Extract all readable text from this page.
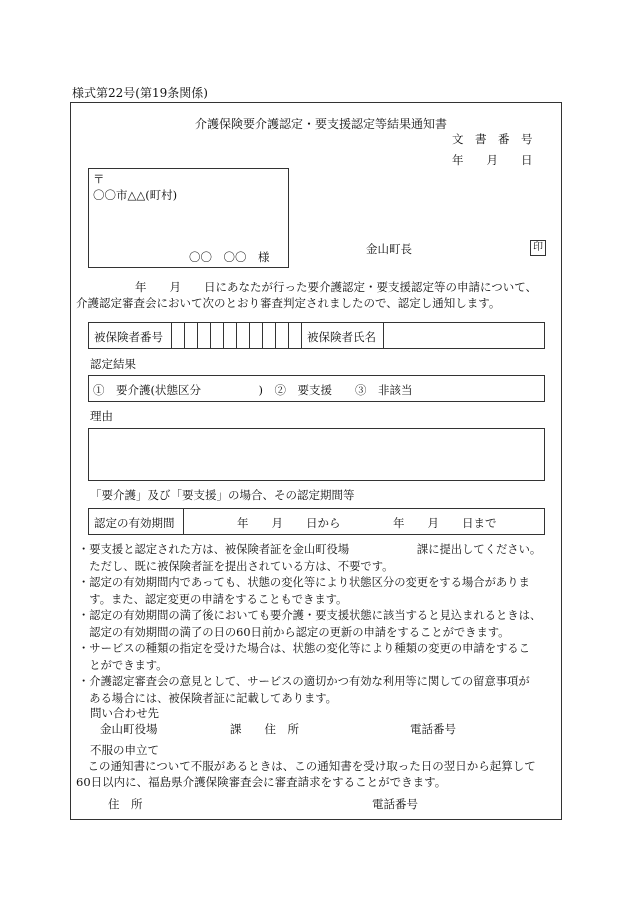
様式第22号(第19条関係)
介護保険要介護認定・要支援認定等結果通知書
文　書　番　号
年　　月　　日
〒
〇〇市△△(町村)
〇〇　〇〇　様
金山町長	印
年　　月　　日にあなたが行った要介護認定・要支援認定等の申請について、
介護認定審査会において次のとおり審査判定されましたので、認定し通知します。
被保険者番号	被保険者氏名
認定結果
①　要介護(状態区分　　　　　)　②　要支援　　③　非該当
理由
「要介護」及び「要支援」の場合、その認定期間等
認定の有効期間	年　　月　　日から	年　　月　　日まで
・要支援と認定された方は、被保険者証を金山町役場　　　　　　課に提出してください。
　ただし、既に被保険者証を提出されている方は、不要です。
・認定の有効期間内であっても、状態の変化等により状態区分の変更をする場合がありま
　す。また、認定変更の申請をすることもできます。
・認定の有効期間の満了後においても要介護・要支援状態に該当すると見込まれるときは、
　認定の有効期間の満了の日の60日前から認定の更新の申請をすることができます。
・サービスの種類の指定を受けた場合は、状態の変化等により種類の変更の申請をするこ
　とができます。
・介護認定審査会の意見として、サービスの適切かつ有効な利用等に関しての留意事項が
　ある場合には、被保険者証に記載してあります。
問い合わせ先
金山町役場	課　　住　所	電話番号
不服の申立て
　この通知書について不服があるときは、この通知書を受け取った日の翌日から起算して
60日以内に、福島県介護保険審査会に審査請求をすることができます。
住　所	電話番号
